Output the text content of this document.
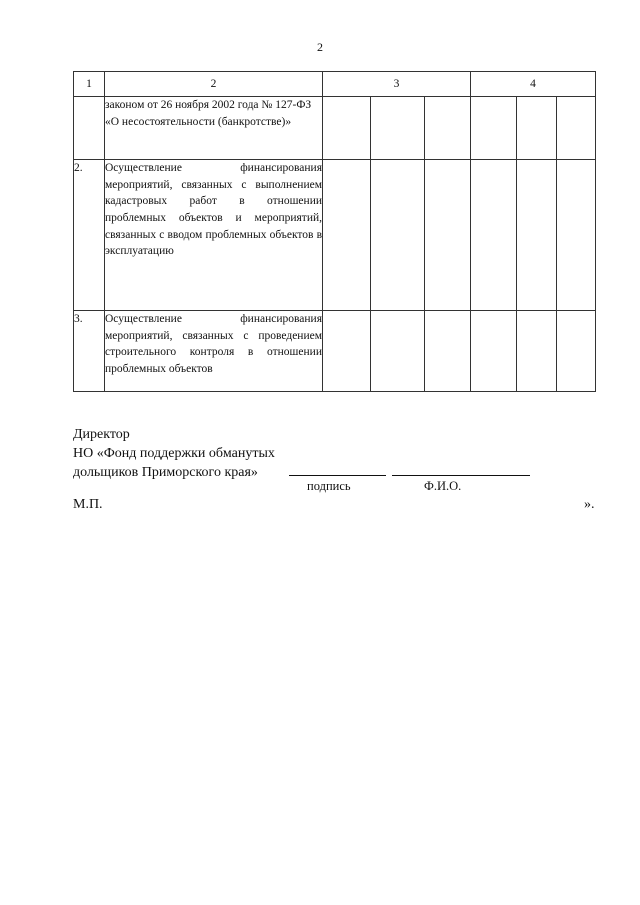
2
1	2	3			4		
	законом от 26 ноября 2002 года № 127-ФЗ «О несостоятельности (банкротстве)»						
2.	Осуществление финансирования мероприятий, связанных с выполнением кадастровых работ в отношении проблемных объектов и мероприятий, связанных с вводом проблемных объектов в эксплуатацию						
3.	Осуществление финансирования мероприятий, связанных с проведением строительного контроля в отношении проблемных объектов						
Директор
НО «Фонд поддержки обманутых
дольщиков Приморского края»
подпись	Ф.И.О.
М.П.	».
